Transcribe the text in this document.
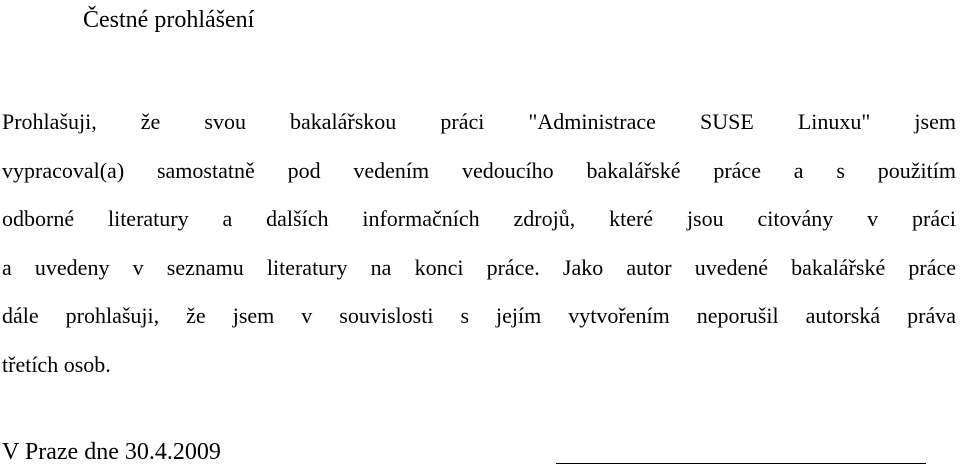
Čestné prohlášení

Prohlašuji, že svou bakalářskou práci "Administrace SUSE Linuxu" jsem
vypracoval(a) samostatně pod vedením vedoucího bakalářské práce a s použitím
odborné literatury a dalších informačních zdrojů, které jsou citovány v práci
a uvedeny v seznamu literatury na konci práce. Jako autor uvedené bakalářské práce
dále prohlašuji, že jsem v souvislosti s jejím vytvořením neporušil autorská práva
třetích osob.

V Praze dne 30.4.2009
